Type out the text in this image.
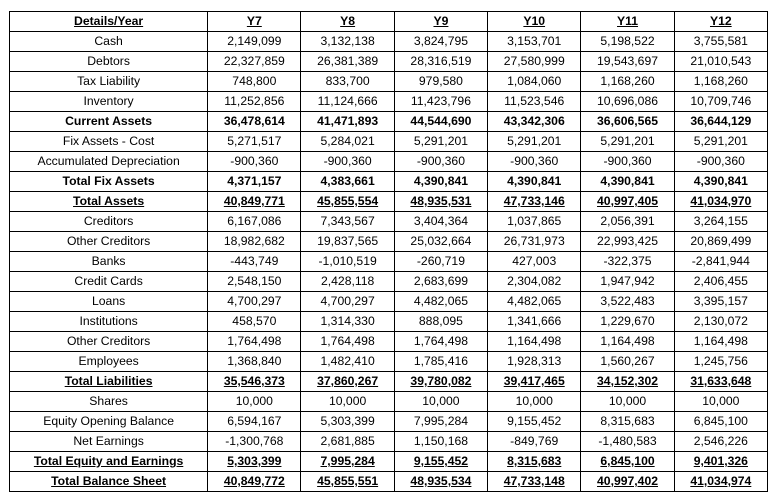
Details/Year	Y7	Y8	Y9	Y10	Y11	Y12
Cash	2,149,099	3,132,138	3,824,795	3,153,701	5,198,522	3,755,581
Debtors	22,327,859	26,381,389	28,316,519	27,580,999	19,543,697	21,010,543
Tax Liability	748,800	833,700	979,580	1,084,060	1,168,260	1,168,260
Inventory	11,252,856	11,124,666	11,423,796	11,523,546	10,696,086	10,709,746
Current Assets	36,478,614	41,471,893	44,544,690	43,342,306	36,606,565	36,644,129
Fix Assets - Cost	5,271,517	5,284,021	5,291,201	5,291,201	5,291,201	5,291,201
Accumulated Depreciation	-900,360	-900,360	-900,360	-900,360	-900,360	-900,360
Total Fix Assets	4,371,157	4,383,661	4,390,841	4,390,841	4,390,841	4,390,841
Total Assets	40,849,771	45,855,554	48,935,531	47,733,146	40,997,405	41,034,970
Creditors	6,167,086	7,343,567	3,404,364	1,037,865	2,056,391	3,264,155
Other Creditors	18,982,682	19,837,565	25,032,664	26,731,973	22,993,425	20,869,499
Banks	-443,749	-1,010,519	-260,719	427,003	-322,375	-2,841,944
Credit Cards	2,548,150	2,428,118	2,683,699	2,304,082	1,947,942	2,406,455
Loans	4,700,297	4,700,297	4,482,065	4,482,065	3,522,483	3,395,157
Institutions	458,570	1,314,330	888,095	1,341,666	1,229,670	2,130,072
Other Creditors	1,764,498	1,764,498	1,764,498	1,164,498	1,164,498	1,164,498
Employees	1,368,840	1,482,410	1,785,416	1,928,313	1,560,267	1,245,756
Total Liabilities	35,546,373	37,860,267	39,780,082	39,417,465	34,152,302	31,633,648
Shares	10,000	10,000	10,000	10,000	10,000	10,000
Equity Opening Balance	6,594,167	5,303,399	7,995,284	9,155,452	8,315,683	6,845,100
Net Earnings	-1,300,768	2,681,885	1,150,168	-849,769	-1,480,583	2,546,226
Total Equity and Earnings	5,303,399	7,995,284	9,155,452	8,315,683	6,845,100	9,401,326
Total Balance Sheet	40,849,772	45,855,551	48,935,534	47,733,148	40,997,402	41,034,974
